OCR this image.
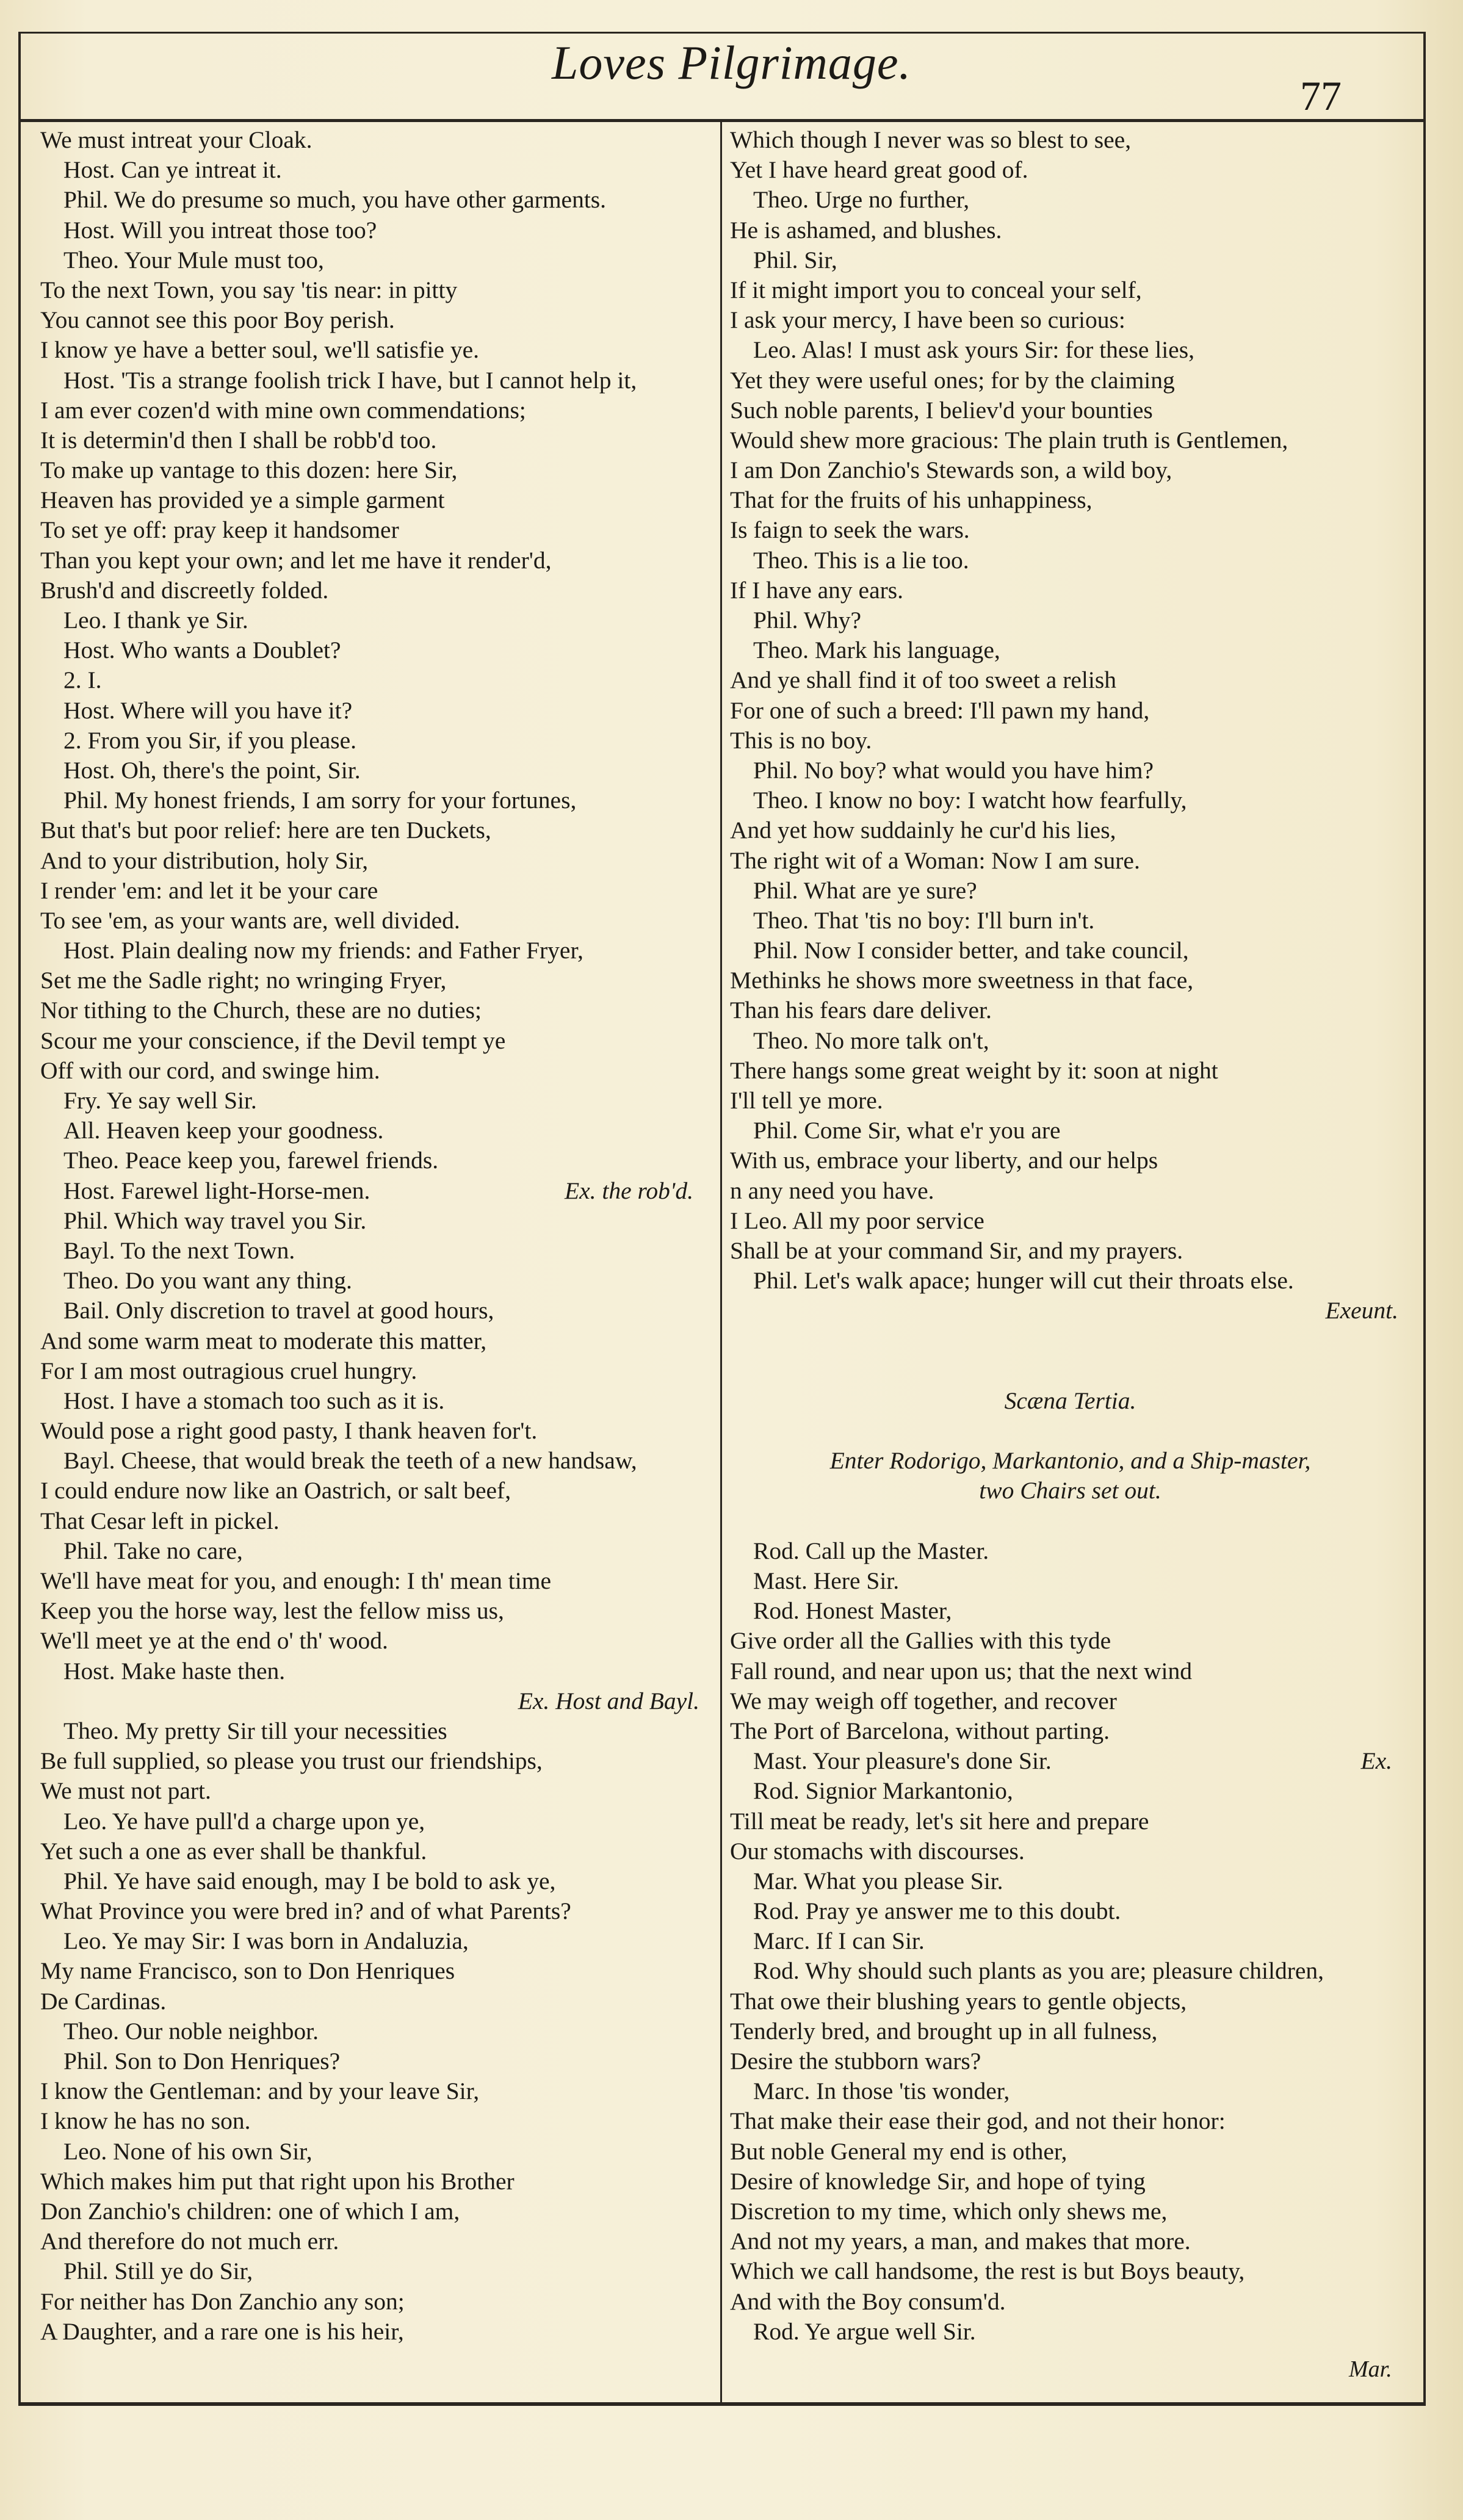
Loves Pilgrimage.
77
We must intreat your Cloak.
Host. Can ye intreat it.
Phil. We do presume so much, you have other garments.
Host. Will you intreat those too?
Theo. Your Mule must too,
To the next Town, you say 'tis near: in pitty
You cannot see this poor Boy perish.
I know ye have a better soul, we'll satisfie ye.
Host. 'Tis a strange foolish trick I have, but I cannot help it,
I am ever cozen'd with mine own commendations;
It is determin'd then I shall be robb'd too.
To make up vantage to this dozen: here Sir,
Heaven has provided ye a simple garment
To set ye off: pray keep it handsomer
Than you kept your own; and let me have it render'd,
Brush'd and discreetly folded.
Leo. I thank ye Sir.
Host. Who wants a Doublet?
2. I.
Host. Where will you have it?
2. From you Sir, if you please.
Host. Oh, there's the point, Sir.
Phil. My honest friends, I am sorry for your fortunes,
But that's but poor relief: here are ten Duckets,
And to your distribution, holy Sir,
I render 'em: and let it be your care
To see 'em, as your wants are, well divided.
Host. Plain dealing now my friends: and Father Fryer,
Set me the Sadle right; no wringing Fryer,
Nor tithing to the Church, these are no duties;
Scour me your conscience, if the Devil tempt ye
Off with our cord, and swinge him.
Fry. Ye say well Sir.
All. Heaven keep your goodness.
Theo. Peace keep you, farewel friends.
Host. Farewel light-Horse-men.	Ex. the rob'd.
Phil. Which way travel you Sir.
Bayl. To the next Town.
Theo. Do you want any thing.
Bail. Only discretion to travel at good hours,
And some warm meat to moderate this matter,
For I am most outragious cruel hungry.
Host. I have a stomach too such as it is.
Would pose a right good pasty, I thank heaven for't.
Bayl. Cheese, that would break the teeth of a new handsaw,
I could endure now like an Oastrich, or salt beef,
That Cesar left in pickel.
Phil. Take no care,
We'll have meat for you, and enough: I th' mean time
Keep you the horse way, lest the fellow miss us,
We'll meet ye at the end o' th' wood.
Host. Make haste then.
Ex. Host and Bayl.
Theo. My pretty Sir till your necessities
Be full supplied, so please you trust our friendships,
We must not part.
Leo. Ye have pull'd a charge upon ye,
Yet such a one as ever shall be thankful.
Phil. Ye have said enough, may I be bold to ask ye,
What Province you were bred in? and of what Parents?
Leo. Ye may Sir: I was born in Andaluzia,
My name Francisco, son to Don Henriques
De Cardinas.
Theo. Our noble neighbor.
Phil. Son to Don Henriques?
I know the Gentleman: and by your leave Sir,
I know he has no son.
Leo. None of his own Sir,
Which makes him put that right upon his Brother
Don Zanchio's children: one of which I am,
And therefore do not much err.
Phil. Still ye do Sir,
For neither has Don Zanchio any son;
A Daughter, and a rare one is his heir,
Which though I never was so blest to see,
Yet I have heard great good of.
Theo. Urge no further,
He is ashamed, and blushes.
Phil. Sir,
If it might import you to conceal your self,
I ask your mercy, I have been so curious:
Leo. Alas! I must ask yours Sir: for these lies,
Yet they were useful ones; for by the claiming
Such noble parents, I believ'd your bounties
Would shew more gracious: The plain truth is Gentlemen,
I am Don Zanchio's Stewards son, a wild boy,
That for the fruits of his unhappiness,
Is faign to seek the wars.
Theo. This is a lie too.
If I have any ears.
Phil. Why?
Theo. Mark his language,
And ye shall find it of too sweet a relish
For one of such a breed: I'll pawn my hand,
This is no boy.
Phil. No boy? what would you have him?
Theo. I know no boy: I watcht how fearfully,
And yet how suddainly he cur'd his lies,
The right wit of a Woman: Now I am sure.
Phil. What are ye sure?
Theo. That 'tis no boy: I'll burn in't.
Phil. Now I consider better, and take council,
Methinks he shows more sweetness in that face,
Than his fears dare deliver.
Theo. No more talk on't,
There hangs some great weight by it: soon at night
I'll tell ye more.
Phil. Come Sir, what e'r you are
With us, embrace your liberty, and our helps
n any need you have.
I Leo. All my poor service
Shall be at your command Sir, and my prayers.
Phil. Let's walk apace; hunger will cut their throats else.
Exeunt.
Scæna Tertia.
Enter Rodorigo, Markantonio, and a Ship-master,
two Chairs set out.
Rod. Call up the Master.
Mast. Here Sir.
Rod. Honest Master,
Give order all the Gallies with this tyde
Fall round, and near upon us; that the next wind
We may weigh off together, and recover
The Port of Barcelona, without parting.
Mast. Your pleasure's done Sir.	Ex.
Rod. Signior Markantonio,
Till meat be ready, let's sit here and prepare
Our stomachs with discourses.
Mar. What you please Sir.
Rod. Pray ye answer me to this doubt.
Marc. If I can Sir.
Rod. Why should such plants as you are; pleasure children,
That owe their blushing years to gentle objects,
Tenderly bred, and brought up in all fulness,
Desire the stubborn wars?
Marc. In those 'tis wonder,
That make their ease their god, and not their honor:
But noble General my end is other,
Desire of knowledge Sir, and hope of tying
Discretion to my time, which only shews me,
And not my years, a man, and makes that more.
Which we call handsome, the rest is but Boys beauty,
And with the Boy consum'd.
Rod. Ye argue well Sir.
Mar.
